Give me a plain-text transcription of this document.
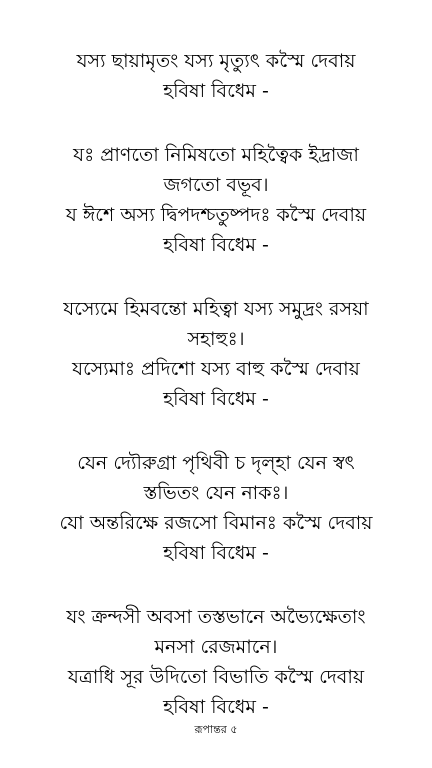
যস্য ছায়ামৃতং যস্য মৃত্যুৎ কস্মৈ দেবায়
হবিষা বিধেম -
যঃ প্রাণতো নিমিষতো মহিত্বৈক ইদ্রাজা
জগতো বভূব।
য ঈশে অস্য দ্বিপদশ্চতুষ্পদঃ কস্মৈ দেবায়
হবিষা বিধেম -
যস্যেমে হিমবন্তো মহিত্বা যস্য সমুদ্রং রসয়া
সহাহুঃ।
যস্যেমাঃ প্রদিশো যস্য বাহু কস্মৈ দেবায়
হবিষা বিধেম -
যেন দ্যৌরুগ্রা পৃথিবী চ দৃল্হা যেন স্বৎ
স্তভিতং যেন নাকঃ।
যো অন্তরিক্ষে রজসো বিমানঃ কস্মৈ দেবায়
হবিষা বিধেম -
যং ক্রন্দসী অবসা তস্তভানে অভ্যৈক্ষেতাং
মনসা রেজমানে।
যত্রাধি সূর উদিতো বিভাতি কস্মৈ দেবায়
হবিষা বিধেম -
রূপান্তর ৫
